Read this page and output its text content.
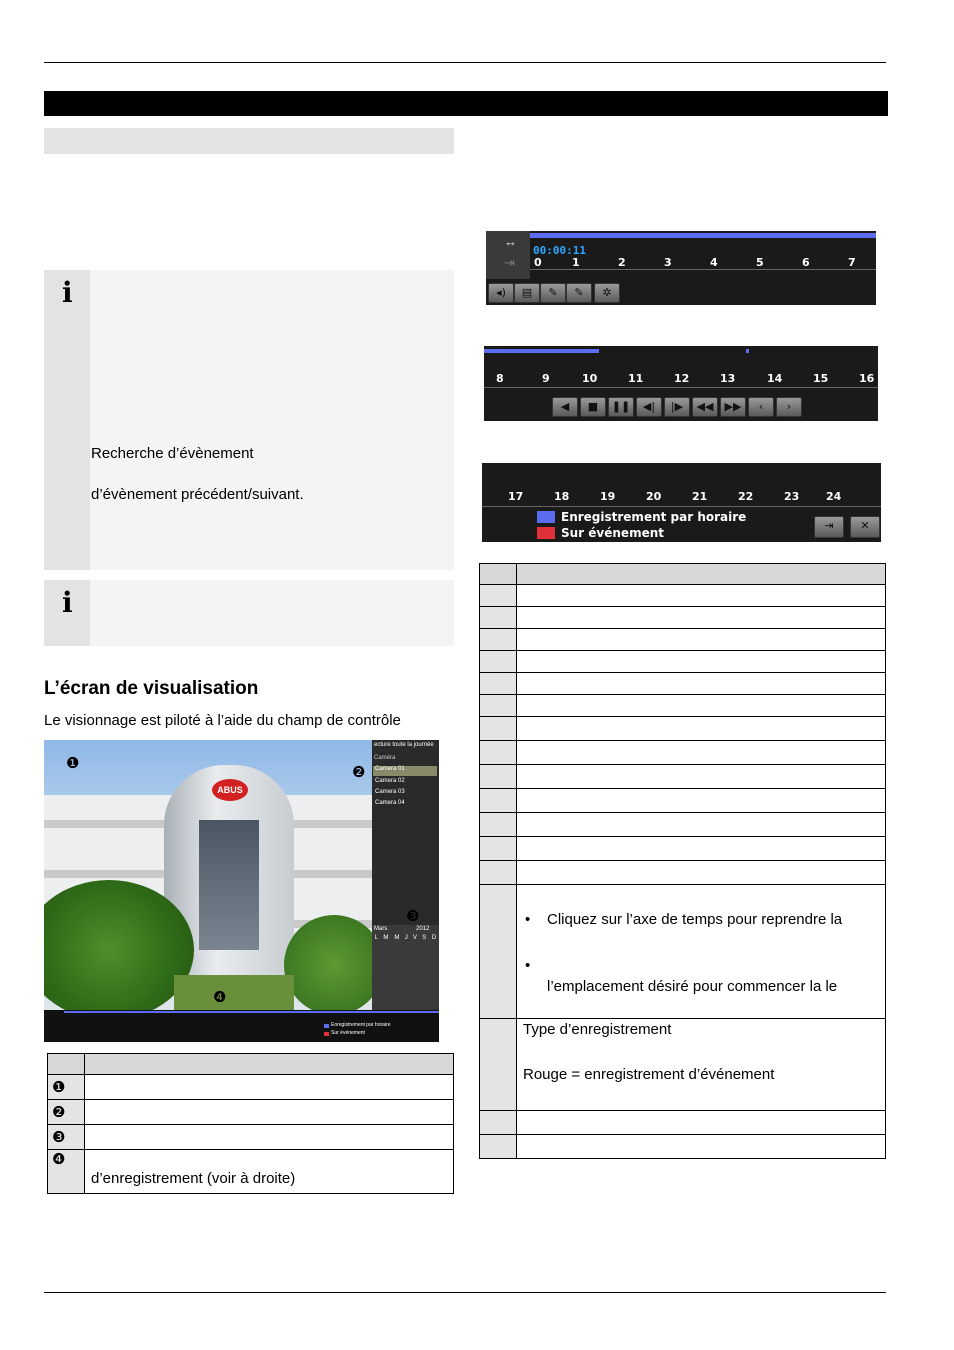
i
Recherche d’évènement
d’évènement précédent/suivant.
i
L’écran de visualisation
Le visionnage est piloté à l’aide du champ de contrôle
ABUS
ecture toute la journée
Caméra
Camera 01
Camera 02
Camera 03
Camera 04
Mars	2012
L	M	M	J	V	S	D
Enregistrement par horaire
Sur événement
❶
❷
❸
❹

❶	
❷	
❸	
❹	d’enregistrement (voir à droite)
↔
⇥
00:00:11
0	1	2	3	4	5	6	7
◂)	▤	✎	✎	✲
8	9	10	11	12	13	14	15	16
◀	■	❚❚	◀|	|▶	◀◀	▶▶	‹	›
17	18	19	20	21	22	23 24
Enregistrement par horaire
Sur événement
⇥	✕

	• Cliquez sur l’axe de temps pour reprendre la
•
l’emplacement désiré pour commencer la le

	Type d’enregistrement
Rouge = enregistrement d’événement
